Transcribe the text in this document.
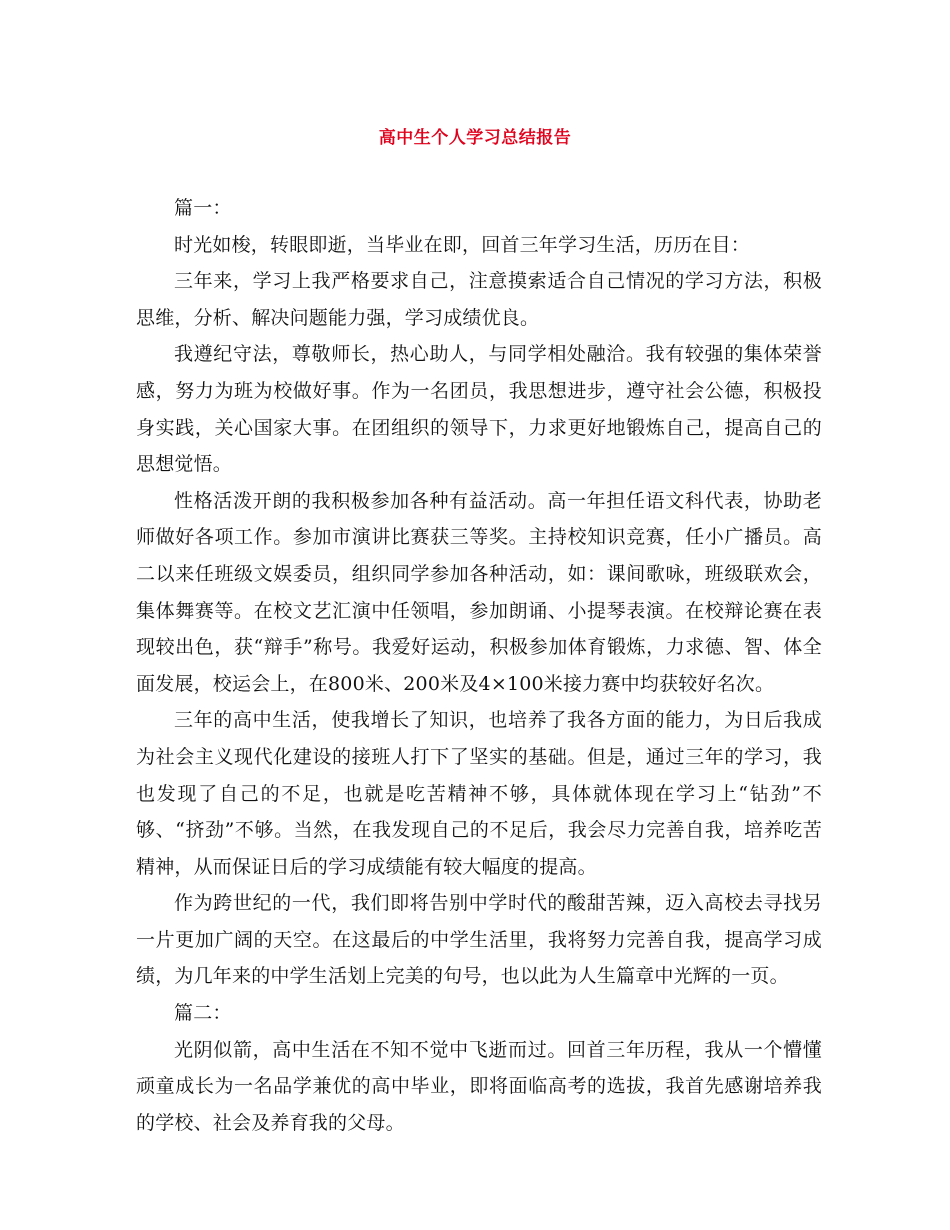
高中生个人学习总结报告

篇一：

时光如梭，转眼即逝，当毕业在即，回首三年学习生活，历历在目：

三年来，学习上我严格要求自己，注意摸索适合自己情况的学习方法，积极思维，分析、解决问题能力强，学习成绩优良。

我遵纪守法，尊敬师长，热心助人，与同学相处融洽。我有较强的集体荣誉感，努力为班为校做好事。作为一名团员，我思想进步，遵守社会公德，积极投身实践，关心国家大事。在团组织的领导下，力求更好地锻炼自己，提高自己的思想觉悟。

性格活泼开朗的我积极参加各种有益活动。高一年担任语文科代表，协助老师做好各项工作。参加市演讲比赛获三等奖。主持校知识竞赛，任小广播员。高二以来任班级文娱委员，组织同学参加各种活动，如：课间歌咏，班级联欢会，集体舞赛等。在校文艺汇演中任领唱，参加朗诵、小提琴表演。在校辩论赛在表现较出色，获“辩手”称号。我爱好运动，积极参加体育锻炼，力求德、智、体全面发展，校运会上，在800米、200米及4×100米接力赛中均获较好名次。

三年的高中生活，使我增长了知识，也培养了我各方面的能力，为日后我成为社会主义现代化建设的接班人打下了坚实的基础。但是，通过三年的学习，我也发现了自己的不足，也就是吃苦精神不够，具体就体现在学习上“钻劲”不够、“挤劲”不够。当然，在我发现自己的不足后，我会尽力完善自我，培养吃苦精神，从而保证日后的学习成绩能有较大幅度的提高。

作为跨世纪的一代，我们即将告别中学时代的酸甜苦辣，迈入高校去寻找另一片更加广阔的天空。在这最后的中学生活里，我将努力完善自我，提高学习成绩，为几年来的中学生活划上完美的句号，也以此为人生篇章中光辉的一页。

篇二：

光阴似箭，高中生活在不知不觉中飞逝而过。回首三年历程，我从一个懵懂顽童成长为一名品学兼优的高中毕业，即将面临高考的选拔，我首先感谢培养我的学校、社会及养育我的父母。
